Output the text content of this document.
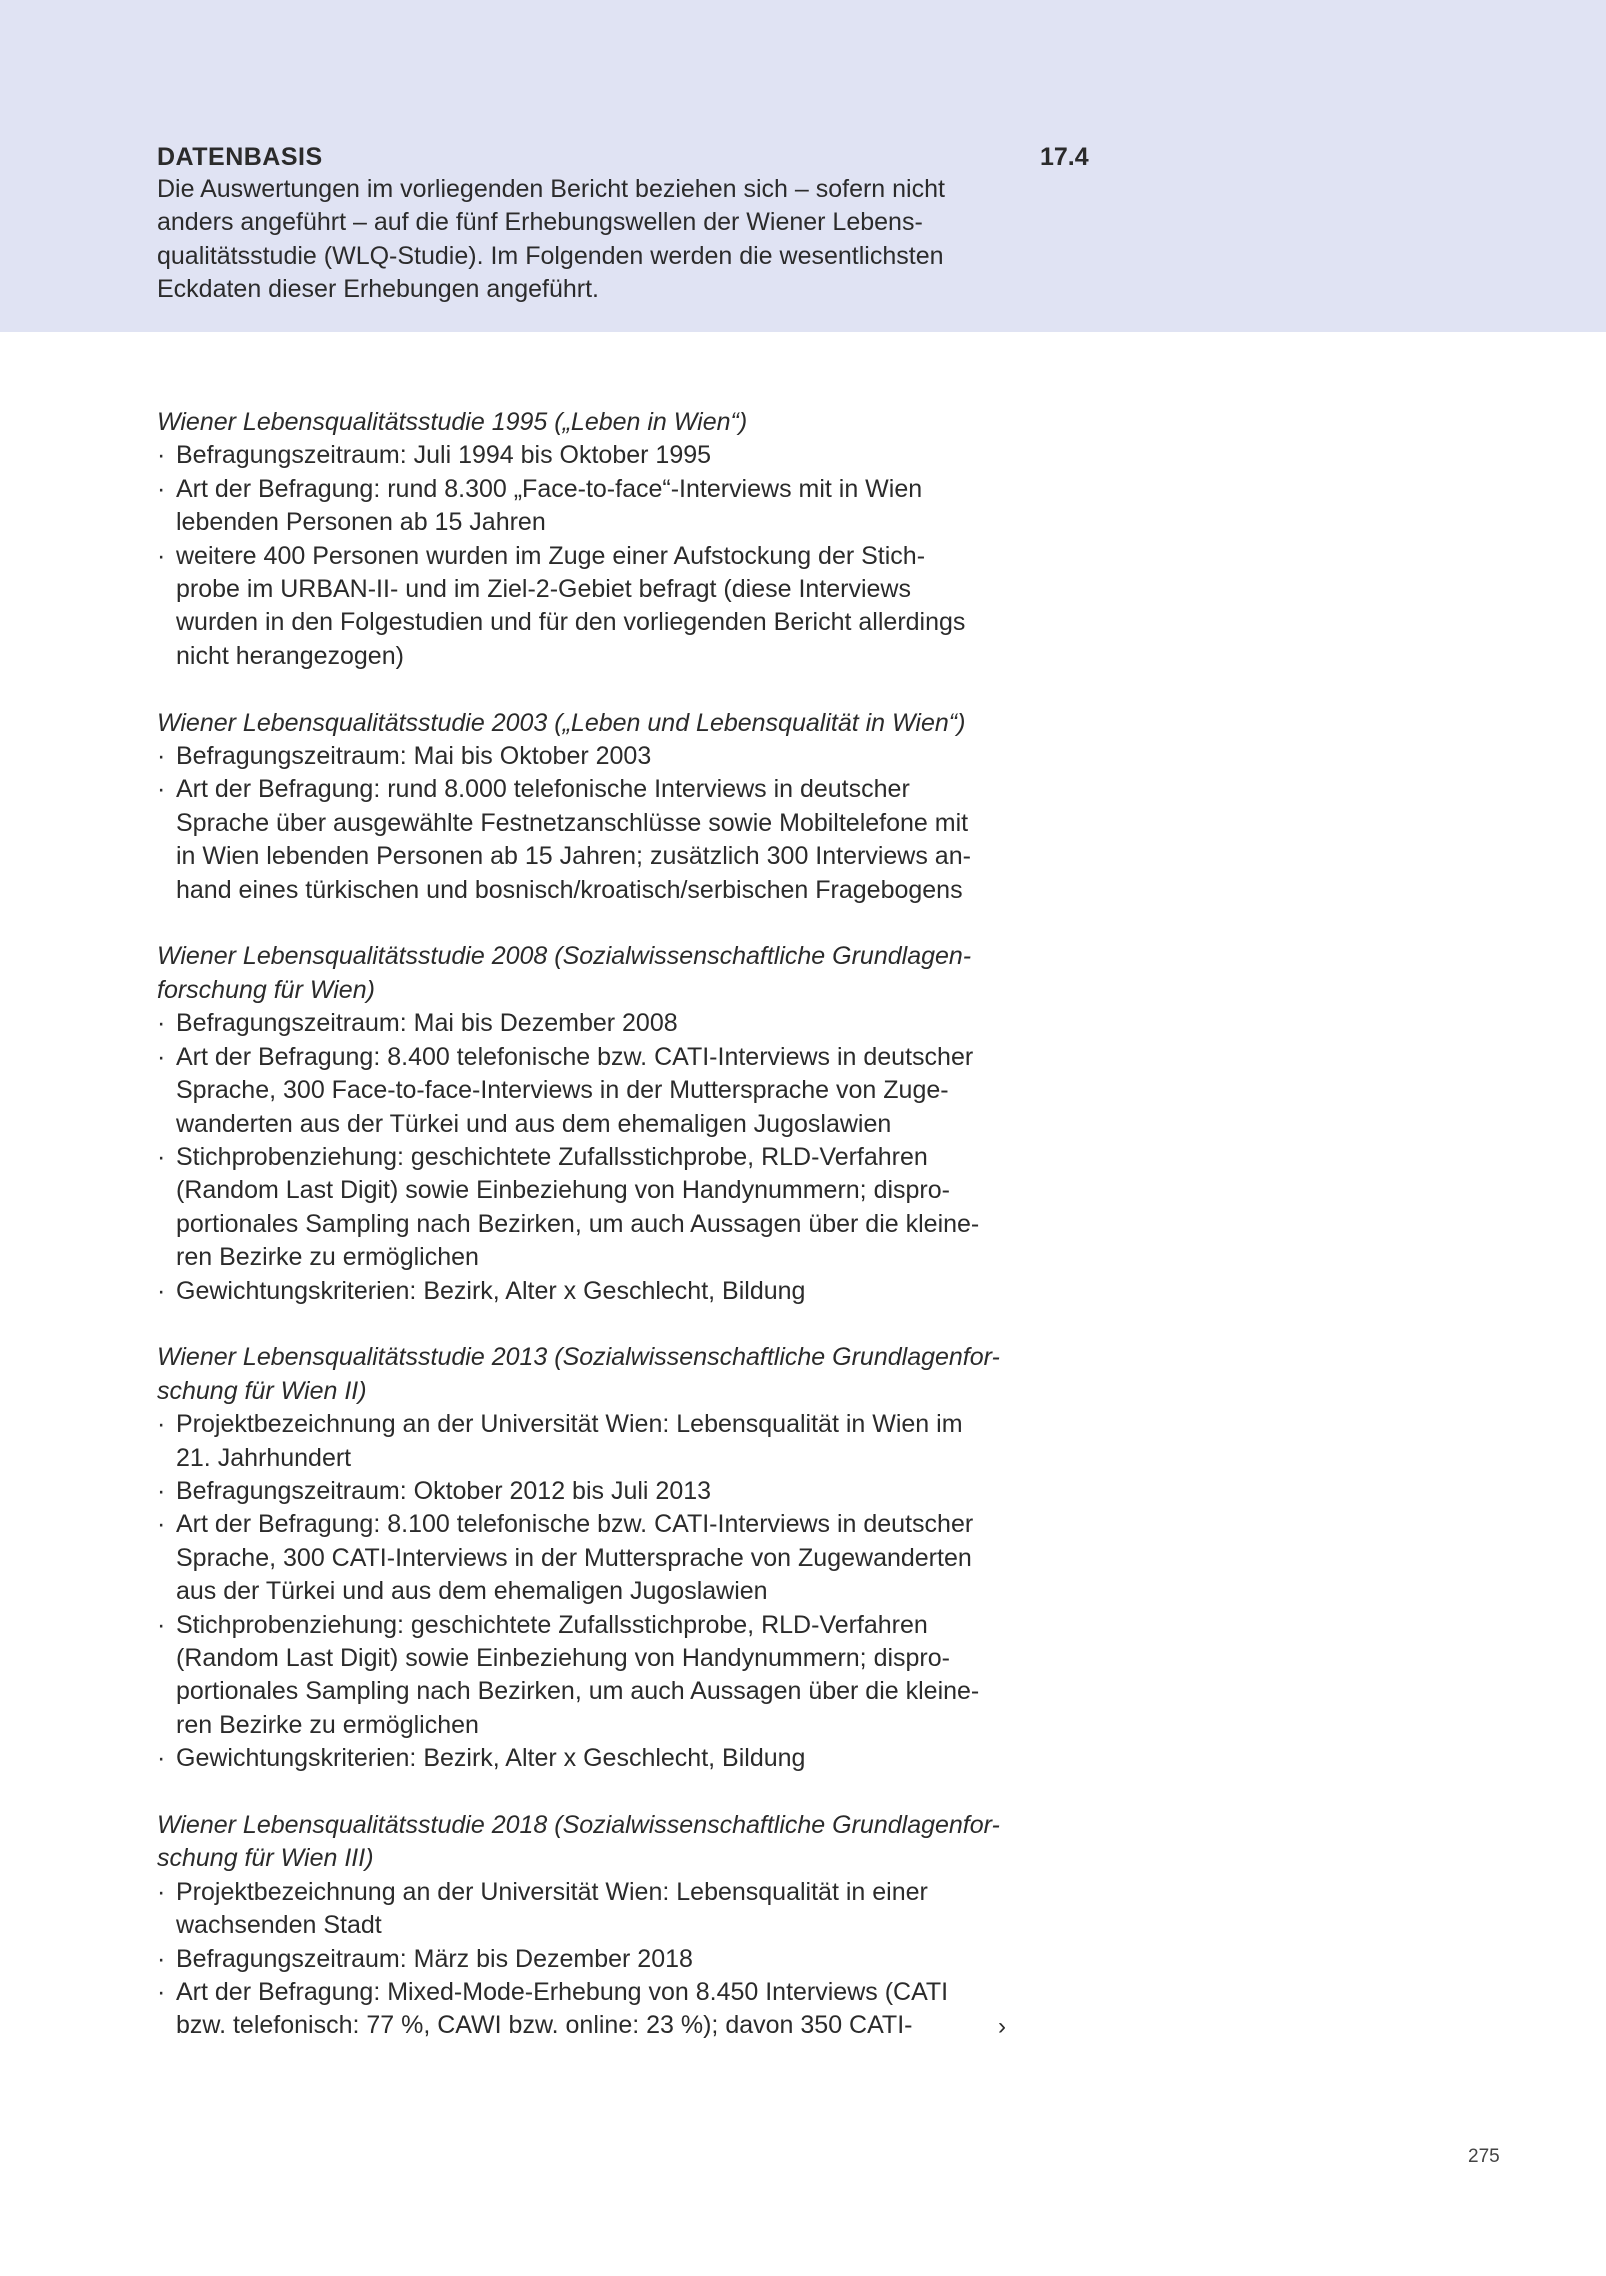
DATENBASIS	17.4
Die Auswertungen im vorliegenden Bericht beziehen sich – sofern nicht
anders angeführt – auf die fünf Erhebungswellen der Wiener Lebens-
qualitätsstudie (WLQ-Studie). Im Folgenden werden die wesentlichsten
Eckdaten dieser Erhebungen angeführt.
Wiener Lebensqualitätsstudie 1995 („Leben in Wien“)
· Befragungszeitraum: Juli 1994 bis Oktober 1995
· Art der Befragung: rund 8.300 „Face-to-face“-Interviews mit in Wien
lebenden Personen ab 15 Jahren
· weitere 400 Personen wurden im Zuge einer Aufstockung der Stich-
probe im URBAN-II- und im Ziel-2-Gebiet befragt (diese Interviews
wurden in den Folgestudien und für den vorliegenden Bericht allerdings
nicht herangezogen)
Wiener Lebensqualitätsstudie 2003 („Leben und Lebensqualität in Wien“)
· Befragungszeitraum: Mai bis Oktober 2003
· Art der Befragung: rund 8.000 telefonische Interviews in deutscher
Sprache über ausgewählte Festnetzanschlüsse sowie Mobiltelefone mit
in Wien lebenden Personen ab 15 Jahren; zusätzlich 300 Interviews an-
hand eines türkischen und bosnisch/kroatisch/serbischen Fragebogens
Wiener Lebensqualitätsstudie 2008 (Sozialwissenschaftliche Grundlagen-
forschung für Wien)
· Befragungszeitraum: Mai bis Dezember 2008
· Art der Befragung: 8.400 telefonische bzw. CATI-Interviews in deutscher
Sprache, 300 Face-to-face-Interviews in der Muttersprache von Zuge-
wanderten aus der Türkei und aus dem ehemaligen Jugoslawien
· Stichprobenziehung: geschichtete Zufallsstichprobe, RLD-Verfahren
(Random Last Digit) sowie Einbeziehung von Handynummern; dispro-
portionales Sampling nach Bezirken, um auch Aussagen über die kleine-
ren Bezirke zu ermöglichen
· Gewichtungskriterien: Bezirk, Alter x Geschlecht, Bildung
Wiener Lebensqualitätsstudie 2013 (Sozialwissenschaftliche Grundlagenfor-
schung für Wien II)
· Projektbezeichnung an der Universität Wien: Lebensqualität in Wien im
21. Jahrhundert
· Befragungszeitraum: Oktober 2012 bis Juli 2013
· Art der Befragung: 8.100 telefonische bzw. CATI-Interviews in deutscher
Sprache, 300 CATI-Interviews in der Muttersprache von Zugewanderten
aus der Türkei und aus dem ehemaligen Jugoslawien
· Stichprobenziehung: geschichtete Zufallsstichprobe, RLD-Verfahren
(Random Last Digit) sowie Einbeziehung von Handynummern; dispro-
portionales Sampling nach Bezirken, um auch Aussagen über die kleine-
ren Bezirke zu ermöglichen
· Gewichtungskriterien: Bezirk, Alter x Geschlecht, Bildung
Wiener Lebensqualitätsstudie 2018 (Sozialwissenschaftliche Grundlagenfor-
schung für Wien III)
· Projektbezeichnung an der Universität Wien: Lebensqualität in einer
wachsenden Stadt
· Befragungszeitraum: März bis Dezember 2018
· Art der Befragung: Mixed-Mode-Erhebung von 8.450 Interviews (CATI
bzw. telefonisch: 77 %, CAWI bzw. online: 23 %); davon 350 CATI-	›
275
